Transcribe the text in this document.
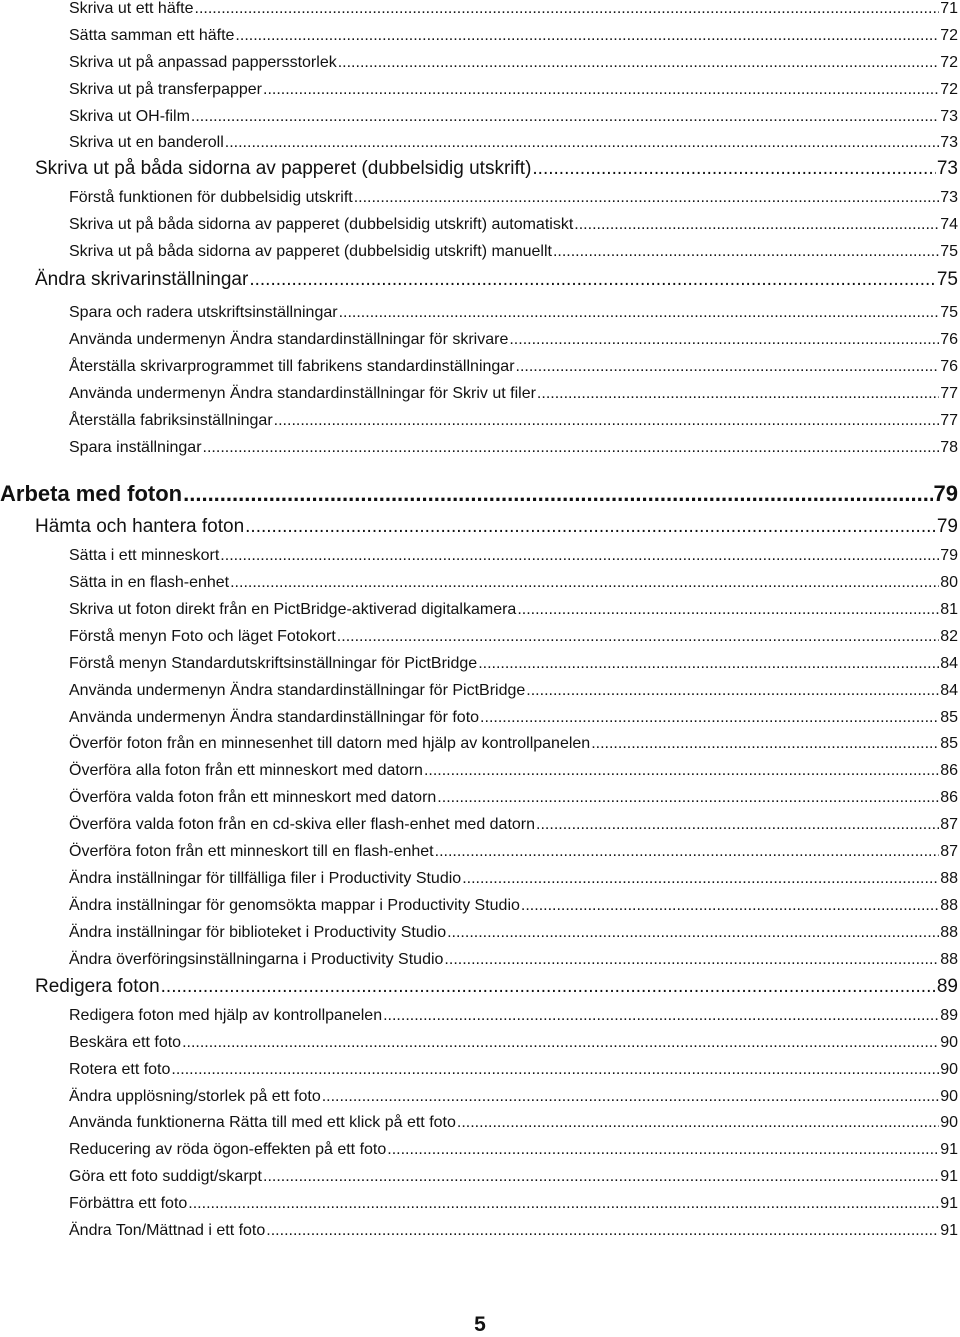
Skriva ut ett häfte .....	71
Sätta samman ett häfte .....	72
Skriva ut på anpassad pappersstorlek .....	72
Skriva ut på transferpapper .....	72
Skriva ut OH-film .....	73
Skriva ut en banderoll .....	73
Skriva ut på båda sidorna av papperet (dubbelsidig utskrift) .....	73
Förstå funktionen för dubbelsidig utskrift .....	73
Skriva ut på båda sidorna av papperet (dubbelsidig utskrift) automatiskt .....	74
Skriva ut på båda sidorna av papperet (dubbelsidig utskrift) manuellt .....	75
Ändra skrivarinställningar .....	75
Spara och radera utskriftsinställningar .....	75
Använda undermenyn Ändra standardinställningar för skrivare .....	76
Återställa skrivarprogrammet till fabrikens standardinställningar .....	76
Använda undermenyn Ändra standardinställningar för Skriv ut filer .....	77
Återställa fabriksinställningar .....	77
Spara inställningar .....	78
Arbeta med foton .....	79
Hämta och hantera foton .....	79
Sätta i ett minneskort .....	79
Sätta in en flash-enhet .....	80
Skriva ut foton direkt från en PictBridge-aktiverad digitalkamera .....	81
Förstå menyn Foto och läget Fotokort .....	82
Förstå menyn Standardutskriftsinställningar för PictBridge .....	84
Använda undermenyn Ändra standardinställningar för PictBridge .....	84
Använda undermenyn Ändra standardinställningar för foto .....	85
Överför foton från en minnesenhet till datorn med hjälp av kontrollpanelen .....	85
Överföra alla foton från ett minneskort med datorn .....	86
Överföra valda foton från ett minneskort med datorn .....	86
Överföra valda foton från en cd-skiva eller flash-enhet med datorn .....	87
Överföra foton från ett minneskort till en flash-enhet .....	87
Ändra inställningar för tillfälliga filer i Productivity Studio .....	88
Ändra inställningar för genomsökta mappar i Productivity Studio .....	88
Ändra inställningar för biblioteket i Productivity Studio .....	88
Ändra överföringsinställningarna i Productivity Studio .....	88
Redigera foton .....	89
Redigera foton med hjälp av kontrollpanelen .....	89
Beskära ett foto .....	90
Rotera ett foto .....	90
Ändra upplösning/storlek på ett foto .....	90
Använda funktionerna Rätta till med ett klick på ett foto .....	90
Reducering av röda ögon-effekten på ett foto .....	91
Göra ett foto suddigt/skarpt .....	91
Förbättra ett foto .....	91
Ändra Ton/Mättnad i ett foto .....	91
5
